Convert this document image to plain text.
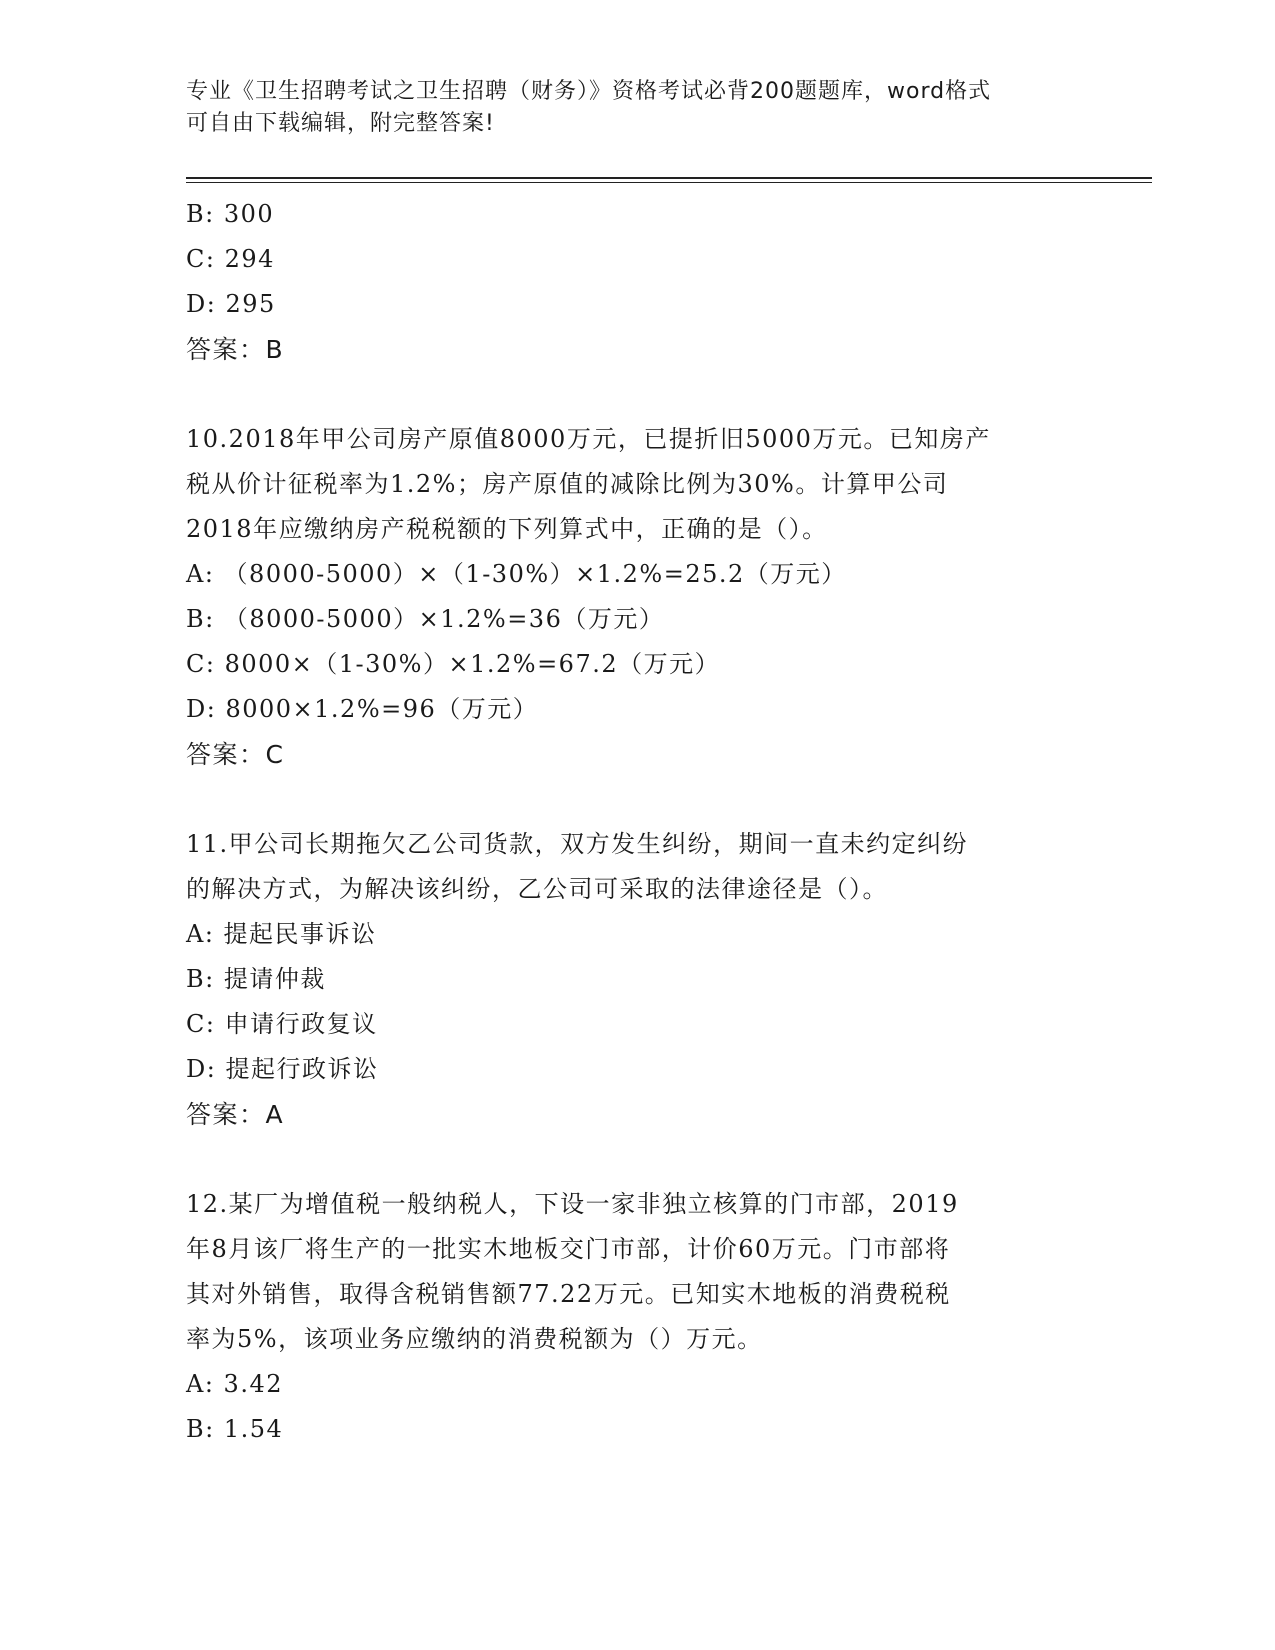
专业《卫生招聘考试之卫生招聘（财务）》资格考试必背200题题库，word格式
可自由下载编辑，附完整答案!
B: 300
C: 294
D: 295
答案：B
10.2018年甲公司房产原值8000万元，已提折旧5000万元。已知房产
税从价计征税率为1.2%；房产原值的减除比例为30%。计算甲公司
2018年应缴纳房产税税额的下列算式中，正确的是（）。
A: （8000-5000）×（1-30%）×1.2%=25.2（万元）
B: （8000-5000）×1.2%=36（万元）
C: 8000×（1-30%）×1.2%=67.2（万元）
D: 8000×1.2%=96（万元）
答案：C
11.甲公司长期拖欠乙公司货款，双方发生纠纷，期间一直未约定纠纷
的解决方式，为解决该纠纷，乙公司可采取的法律途径是（）。
A: 提起民事诉讼
B: 提请仲裁
C: 申请行政复议
D: 提起行政诉讼
答案：A
12.某厂为增值税一般纳税人，下设一家非独立核算的门市部，2019
年8月该厂将生产的一批实木地板交门市部，计价60万元。门市部将
其对外销售，取得含税销售额77.22万元。已知实木地板的消费税税
率为5%，该项业务应缴纳的消费税额为（）万元。
A: 3.42
B: 1.54
